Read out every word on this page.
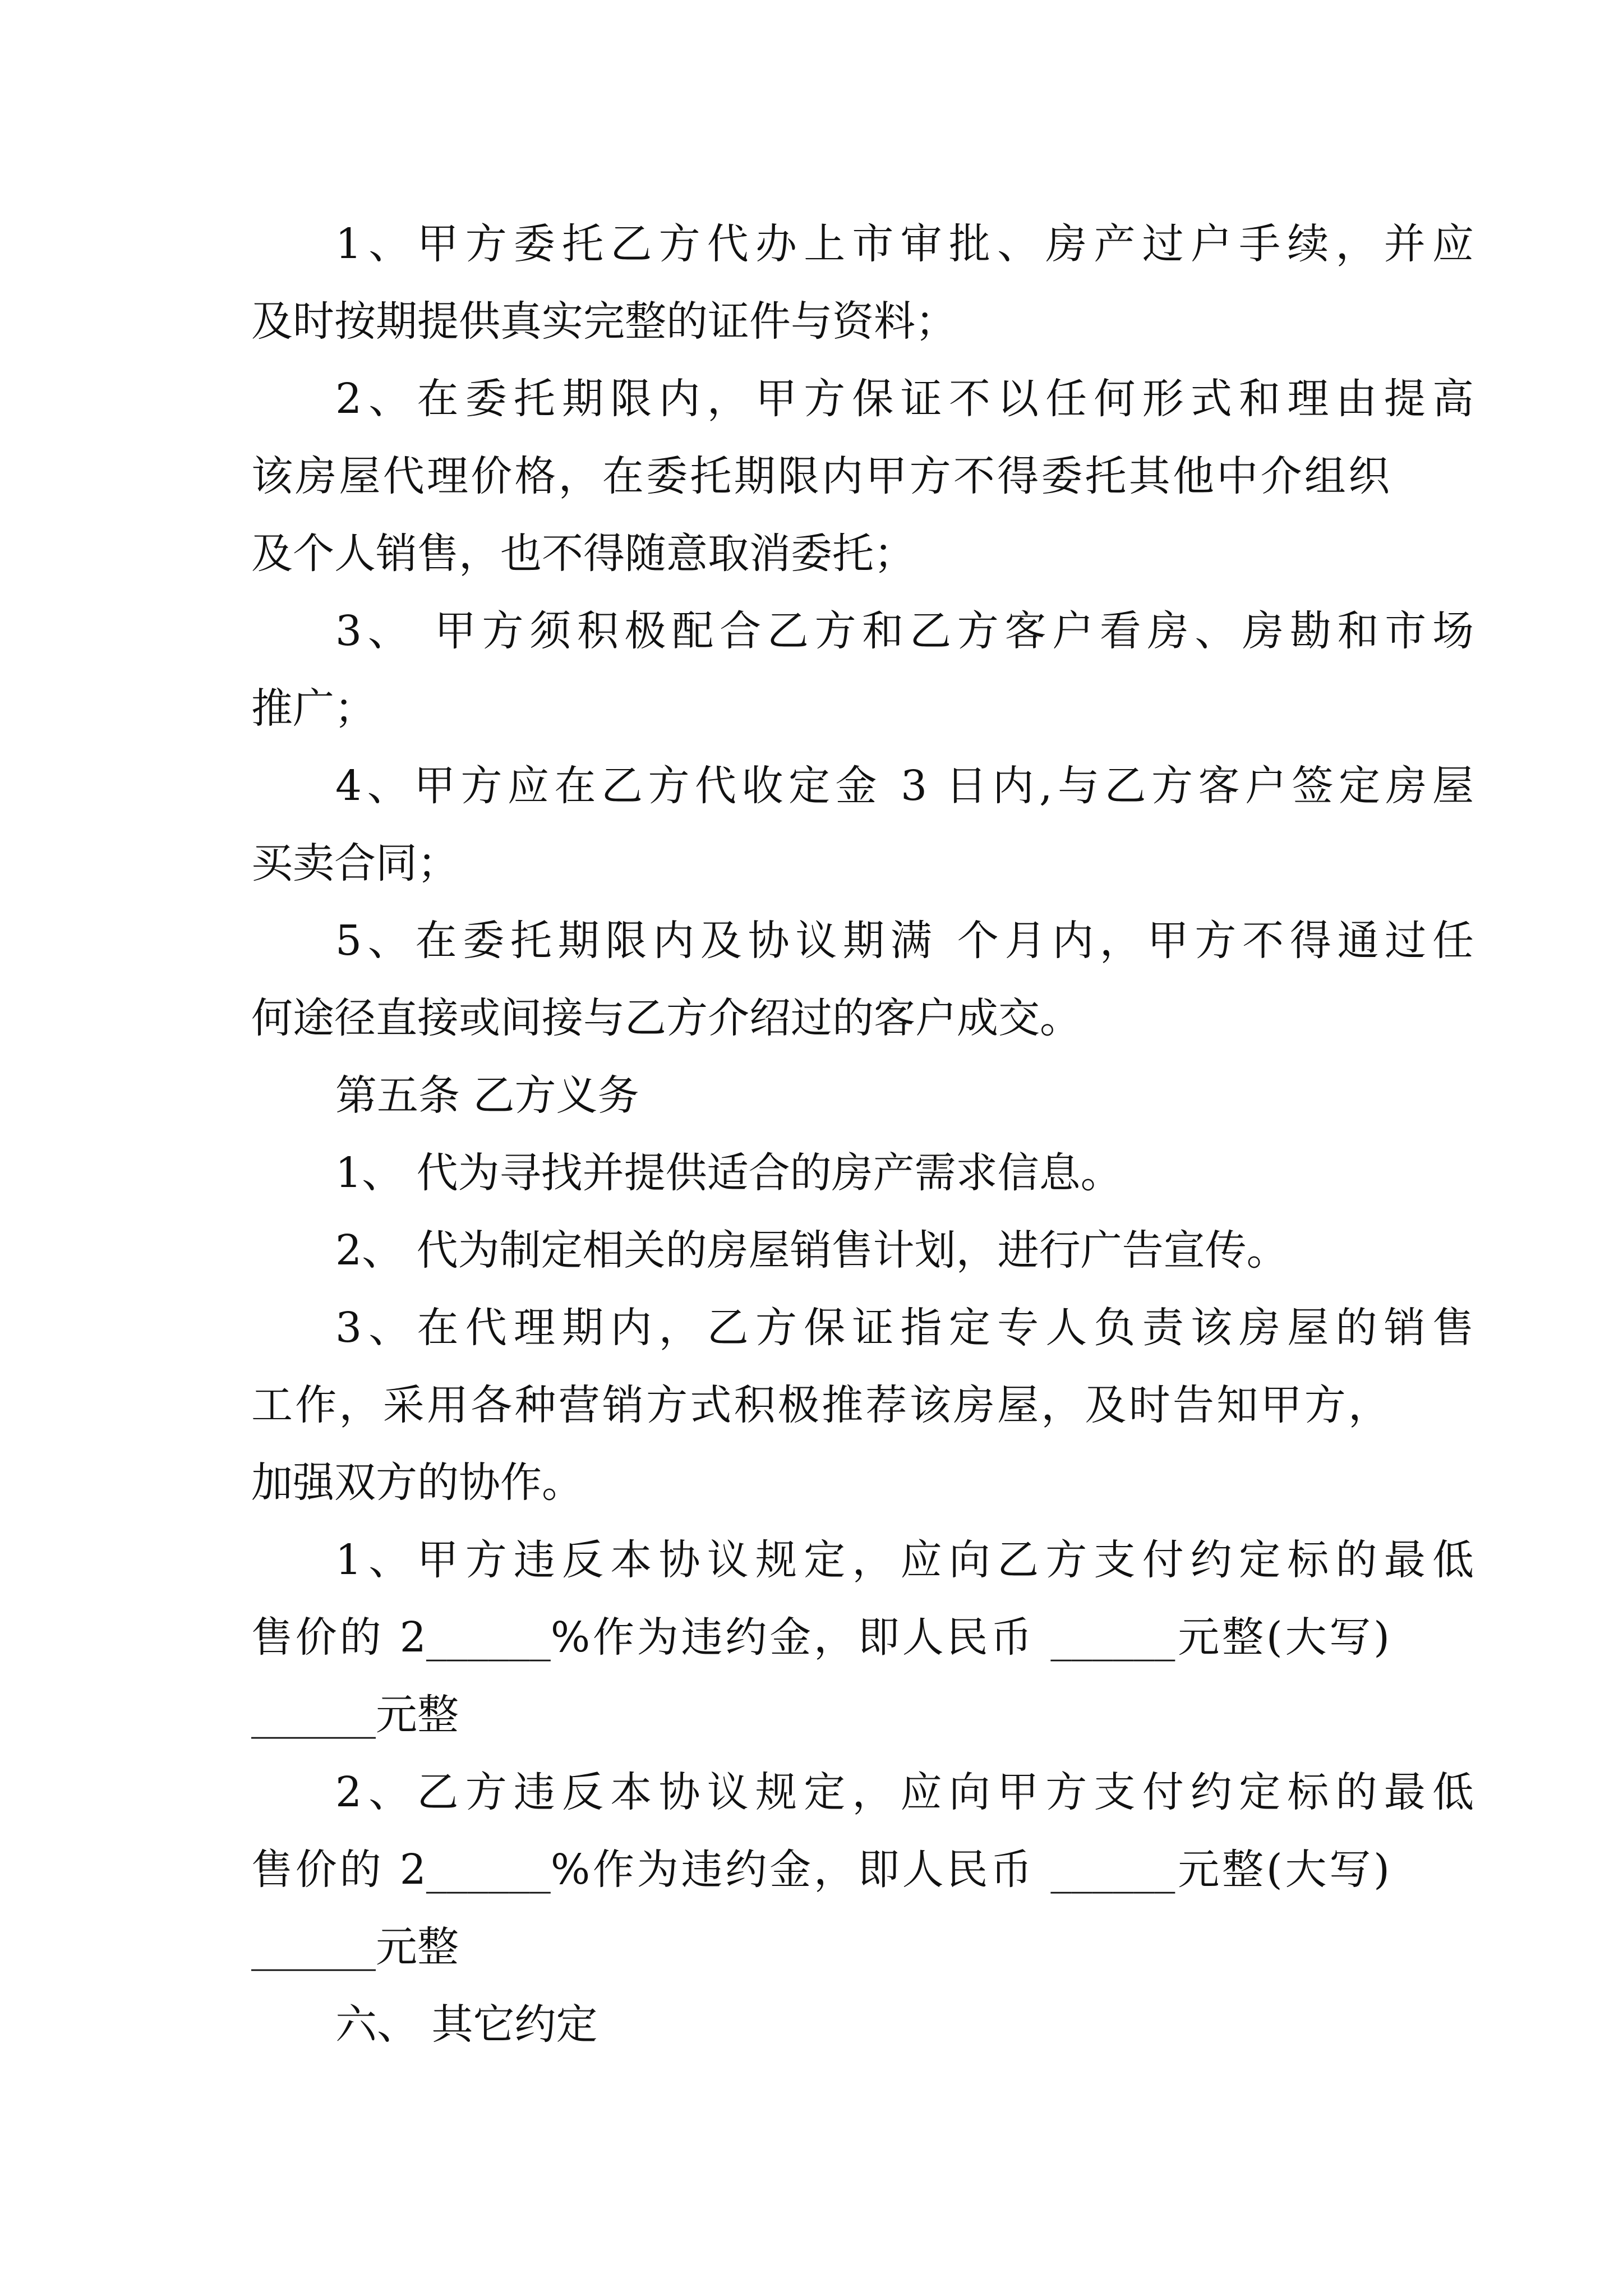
1、甲方委托乙方代办上市审批、房产过户手续，并应
及时按期提供真实完整的证件与资料；
2、在委托期限内，甲方保证不以任何形式和理由提高
该房屋代理价格，在委托期限内甲方不得委托其他中介组织
及个人销售，也不得随意取消委托；
3、 甲方须积极配合乙方和乙方客户看房、房勘和市场
推广；
4、甲方应在乙方代收定金 3 日内,与乙方客户签定房屋
买卖合同；
5、在委托期限内及协议期满 个月内，甲方不得通过任
何途径直接或间接与乙方介绍过的客户成交。
第五条 乙方义务
1、 代为寻找并提供适合的房产需求信息。
2、 代为制定相关的房屋销售计划，进行广告宣传。
3、在代理期内，乙方保证指定专人负责该房屋的销售
工作，采用各种营销方式积极推荐该房屋，及时告知甲方，
加强双方的协作。
1、甲方违反本协议规定，应向乙方支付约定标的最低
售价的 2______%作为违约金，即人民币 ______元整(大写)
______元整
2、乙方违反本协议规定，应向甲方支付约定标的最低
售价的 2______%作为违约金，即人民币 ______元整(大写)
______元整
六、 其它约定
